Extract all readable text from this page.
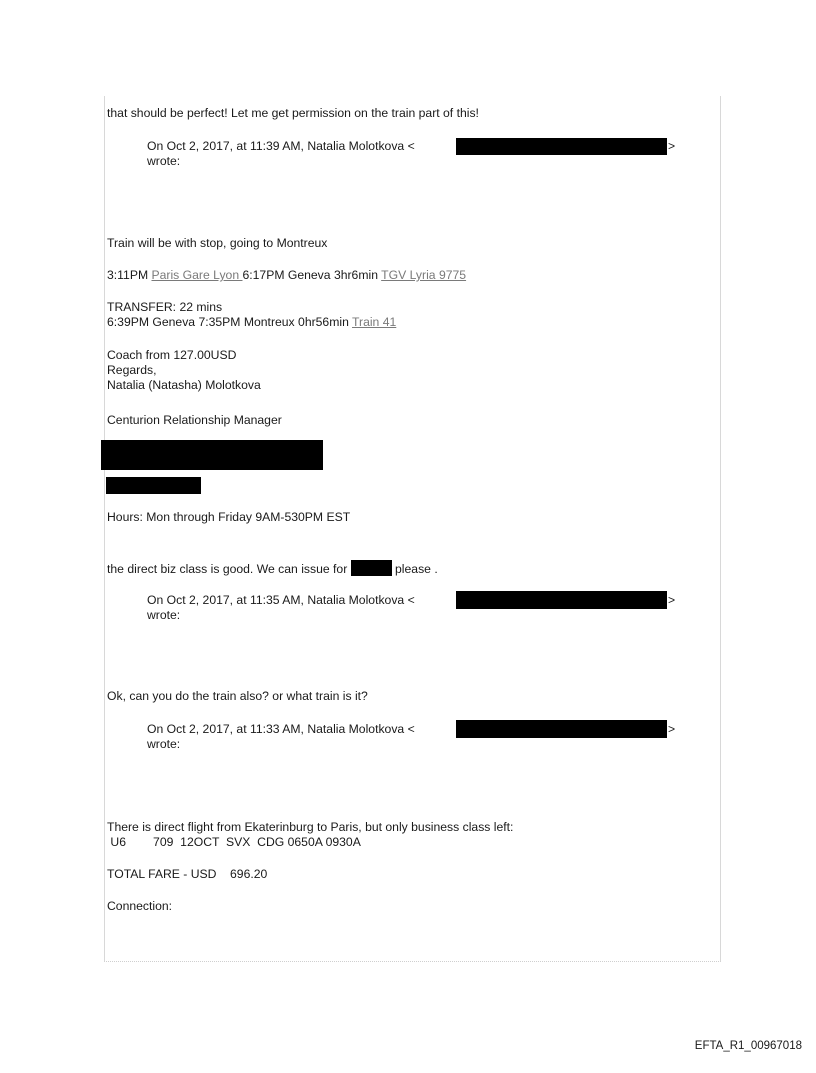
that should be perfect! Let me get permission on the train part of this!
On Oct 2, 2017, at 11:39 AM, Natalia Molotkova <	>
wrote:
Train will be with stop, going to Montreux
3:11PM Paris Gare Lyon 6:17PM Geneva 3hr6min TGV Lyria 9775
TRANSFER: 22 mins
6:39PM Geneva 7:35PM Montreux 0hr56min Train 41
Coach from 127.00USD
Regards,
Natalia (Natasha) Molotkova
Centurion Relationship Manager
Hours: Mon through Friday 9AM-530PM EST
the direct biz class is good. We can issue for	please .
On Oct 2, 2017, at 11:35 AM, Natalia Molotkova <	>
wrote:
Ok, can you do the train also? or what train is it?
On Oct 2, 2017, at 11:33 AM, Natalia Molotkova <	>
wrote:
There is direct flight from Ekaterinburg to Paris, but only business class left:
U6        709  12OCT  SVX  CDG 0650A 0930A
TOTAL FARE - USD    696.20
Connection:
EFTA_R1_00967018
